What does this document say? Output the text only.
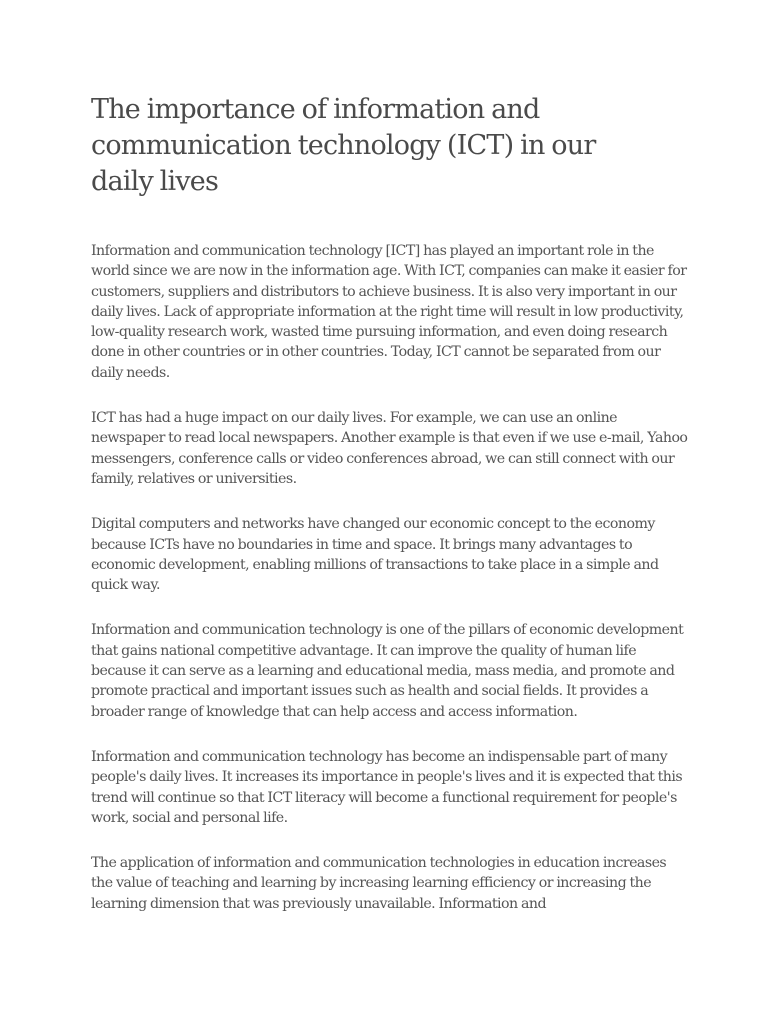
The importance of information and communication technology (ICT) in our daily lives

Information and communication technology [ICT] has played an important role in the world since we are now in the information age. With ICT, companies can make it easier for customers, suppliers and distributors to achieve business. It is also very important in our daily lives. Lack of appropriate information at the right time will result in low productivity, low-quality research work, wasted time pursuing information, and even doing research done in other countries or in other countries. Today, ICT cannot be separated from our daily needs.

ICT has had a huge impact on our daily lives. For example, we can use an online newspaper to read local newspapers. Another example is that even if we use e-mail, Yahoo messengers, conference calls or video conferences abroad, we can still connect with our family, relatives or universities.

Digital computers and networks have changed our economic concept to the economy because ICTs have no boundaries in time and space. It brings many advantages to economic development, enabling millions of transactions to take place in a simple and quick way.

Information and communication technology is one of the pillars of economic development that gains national competitive advantage. It can improve the quality of human life because it can serve as a learning and educational media, mass media, and promote and promote practical and important issues such as health and social fields. It provides a broader range of knowledge that can help access and access information.

Information and communication technology has become an indispensable part of many people's daily lives. It increases its importance in people's lives and it is expected that this trend will continue so that ICT literacy will become a functional requirement for people's work, social and personal life.

The application of information and communication technologies in education increases the value of teaching and learning by increasing learning efficiency or increasing the learning dimension that was previously unavailable. Information and
